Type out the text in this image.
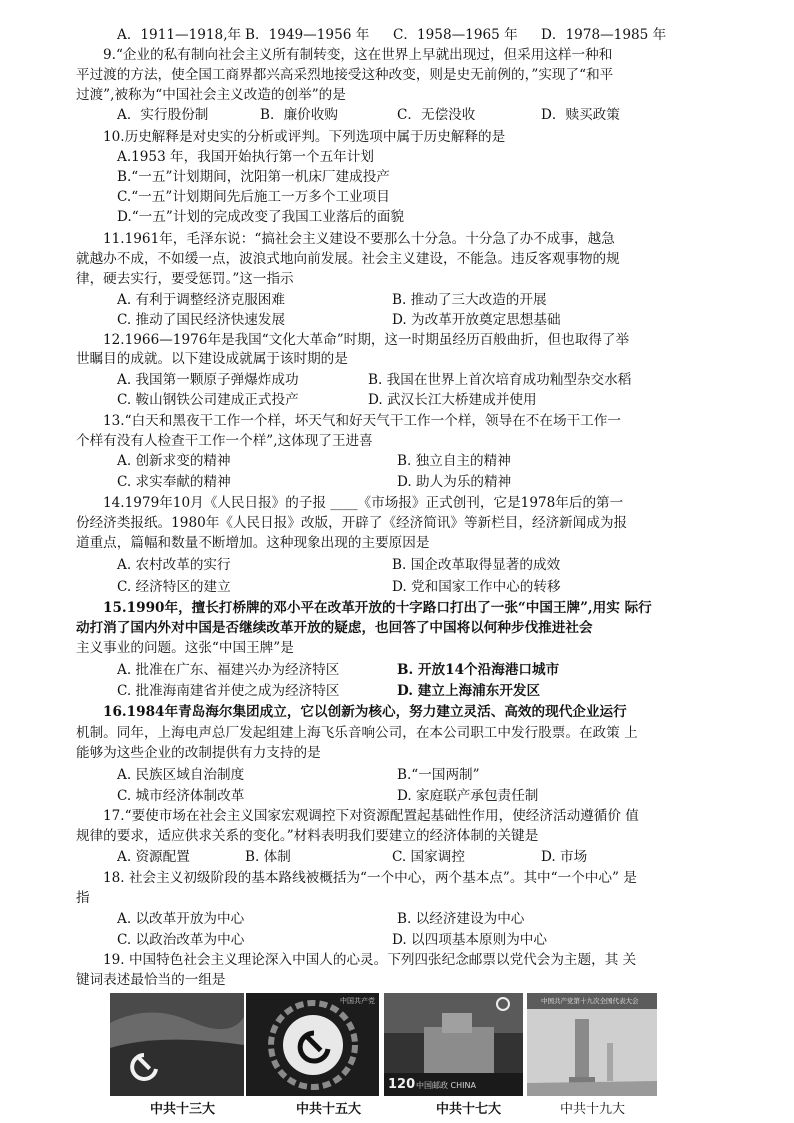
A．1911—1918,年 B．1949—1956 年 C．1958—1965 年 D．1978—1985 年
9.“企业的私有制向社会主义所有制转变，这在世界上早就出现过，但采用这样一种和
平过渡的方法，使全国工商界都兴高采烈地接受这种改变，则是史无前例的，”实现了“和平
过渡”,被称为“中国社会主义改造的创举”的是
A．实行股份制	B．廉价收购	C．无偿没收	D．赎买政策
10.历史解释是对史实的分析或评判。下列选项中属于历史解释的是
A.1953 年，我国开始执行第一个五年计划
B.“一五”计划期间，沈阳第一机床厂建成投产
C.“一五”计划期间先后施工一万多个工业项目
D.“一五”计划的完成改变了我国工业落后的面貌
11.1961年，毛泽东说：“搞社会主义建设不要那么十分急。十分急了办不成事，越急
就越办不成，不如缓一点，波浪式地向前发展。社会主义建设，不能急。违反客观事物的规
律，硬去实行，要受惩罚。”这一指示
A. 有利于调整经济克服困难	B. 推动了三大改造的开展
C. 推动了国民经济快速发展	D. 为改革开放奠定思想基础
12.1966—1976年是我国“文化大革命”时期，这一时期虽经历百般曲折，但也取得了举
世瞩目的成就。以下建设成就属于该时期的是
A. 我国第一颗原子弹爆炸成功	B. 我国在世界上首次培育成功籼型杂交水稻
C. 鞍山钢铁公司建成正式投产	D. 武汉长江大桥建成并使用
13.“白天和黑夜干工作一个样，坏天气和好天气干工作一个样，领导在不在场干工作一
个样有没有人检查干工作一个样”,这体现了王进喜
A. 创新求变的精神	B. 独立自主的精神
C. 求实奉献的精神	D. 助人为乐的精神
14.1979年10月《人民日报》的子报 ____《市场报》正式创刊，它是1978年后的第一
份经济类报纸。1980年《人民日报》改版，开辟了《经济简讯》等新栏目，经济新闻成为报
道重点，篇幅和数量不断增加。这种现象出现的主要原因是
A. 农村改革的实行	B. 国企改革取得显著的成效
C. 经济特区的建立	D. 党和国家工作中心的转移
15.1990年，擅长打桥牌的邓小平在改革开放的十字路口打出了一张“中国王牌”,用实 际行
动打消了国内外对中国是否继续改革开放的疑虑，也回答了中国将以何种步伐推进社会
主义事业的问题。这张“中国王牌”是
A. 批准在广东、福建兴办为经济特区	B. 开放14个沿海港口城市
C. 批准海南建省并使之成为经济特区	D. 建立上海浦东开发区
16.1984年青岛海尔集团成立，它以创新为核心，努力建立灵活、高效的现代企业运行
机制。同年，上海电声总厂发起组建上海飞乐音响公司，在本公司职工中发行股票。在政策 上
能够为这些企业的改制提供有力支持的是
A. 民族区域自治制度	B.“一国两制”
C. 城市经济体制改革	D. 家庭联产承包责任制
17.“要使市场在社会主义国家宏观调控下对资源配置起基础性作用，使经济活动遵循价 值
规律的要求，适应供求关系的变化。”材料表明我们要建立的经济体制的关键是
A. 资源配置	B. 体制	C. 国家调控	D. 市场
18. 社会主义初级阶段的基本路线被概括为“一个中心，两个基本点”。其中“一个中心” 是
指
A. 以改革开放为中心	B. 以经济建设为中心
C. 以政治改革为中心	D. 以四项基本原则为中心
19. 中国特色社会主义理论深入中国人的心灵。下列四张纪念邮票以党代会为主题，其 关
键词表述最恰当的一组是
中国共产党
120 中国邮政 CHINA
中国共产党第十九次全国代表大会
中共十三大	中共十五大	中共十七大	中共十九大
